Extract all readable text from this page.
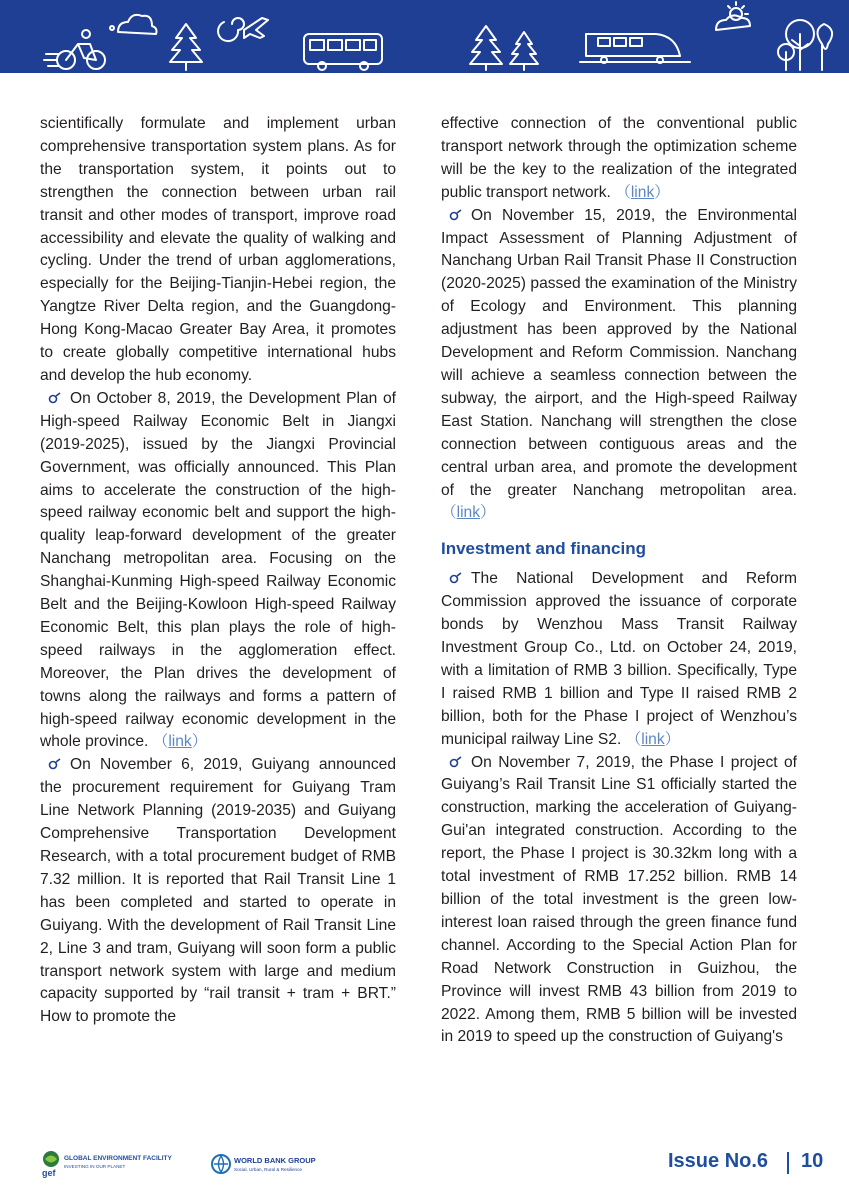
scientifically formulate and implement urban comprehensive transportation system plans. As for the transportation system, it points out to strengthen the connection between urban rail transit and other modes of transport, improve road accessibility and elevate the quality of walking and cycling. Under the trend of urban agglomerations, especially for the Beijing-Tianjin-Hebei region, the Yangtze River Delta region, and the Guangdong-Hong Kong-Macao Greater Bay Area, it promotes to create globally competitive international hubs and develop the hub economy.

On October 8, 2019, the Development Plan of High-speed Railway Economic Belt in Jiangxi (2019-2025), issued by the Jiangxi Provincial Government, was officially announced. This Plan aims to accelerate the construction of the high-speed railway economic belt and support the high-quality leap-forward development of the greater Nanchang metropolitan area. Focusing on the Shanghai-Kunming High-speed Railway Economic Belt and the Beijing-Kowloon High-speed Railway Economic Belt, this plan plays the role of high-speed railways in the agglomeration effect. Moreover, the Plan drives the development of towns along the railways and forms a pattern of high-speed railway economic development in the whole province. （link）

On November 6, 2019, Guiyang announced the procurement requirement for Guiyang Tram Line Network Planning (2019-2035) and Guiyang Comprehensive Transportation Development Research, with a total procurement budget of RMB 7.32 million. It is reported that Rail Transit Line 1 has been completed and started to operate in Guiyang. With the development of Rail Transit Line 2, Line 3 and tram, Guiyang will soon form a public transport network system with large and medium capacity supported by “rail transit + tram + BRT.” How to promote the

effective connection of the conventional public transport network through the optimization scheme will be the key to the realization of the integrated public transport network. （link）

On November 15, 2019, the Environmental Impact Assessment of Planning Adjustment of Nanchang Urban Rail Transit Phase II Construction (2020-2025) passed the examination of the Ministry of Ecology and Environment. This planning adjustment has been approved by the National Development and Reform Commission. Nanchang will achieve a seamless connection between the subway, the airport, and the High-speed Railway East Station. Nanchang will strengthen the close connection between contiguous areas and the central urban area, and promote the development of the greater Nanchang metropolitan area. （link）

Investment and financing

The National Development and Reform Commission approved the issuance of corporate bonds by Wenzhou Mass Transit Railway Investment Group Co., Ltd. on October 24, 2019, with a limitation of RMB 3 billion. Specifically, Type I raised RMB 1 billion and Type II raised RMB 2 billion, both for the Phase I project of Wenzhou’s municipal railway Line S2. （link）

On November 7, 2019, the Phase I project of Guiyang’s Rail Transit Line S1 officially started the construction, marking the acceleration of Guiyang-Gui'an integrated construction. According to the report, the Phase I project is 30.32km long with a total investment of RMB 17.252 billion. RMB 14 billion of the total investment is the green low-interest loan raised through the green finance fund channel. According to the Special Action Plan for Road Network Construction in Guizhou, the Province will invest RMB 43 billion from 2019 to 2022. Among them, RMB 5 billion will be invested in 2019 to speed up the construction of Guiyang's

gef
GLOBAL ENVIRONMENT FACILITY
INVESTING IN OUR PLANET
WORLD BANK GROUP
Social, Urban, Rural & Resilience	Issue No.6 10
